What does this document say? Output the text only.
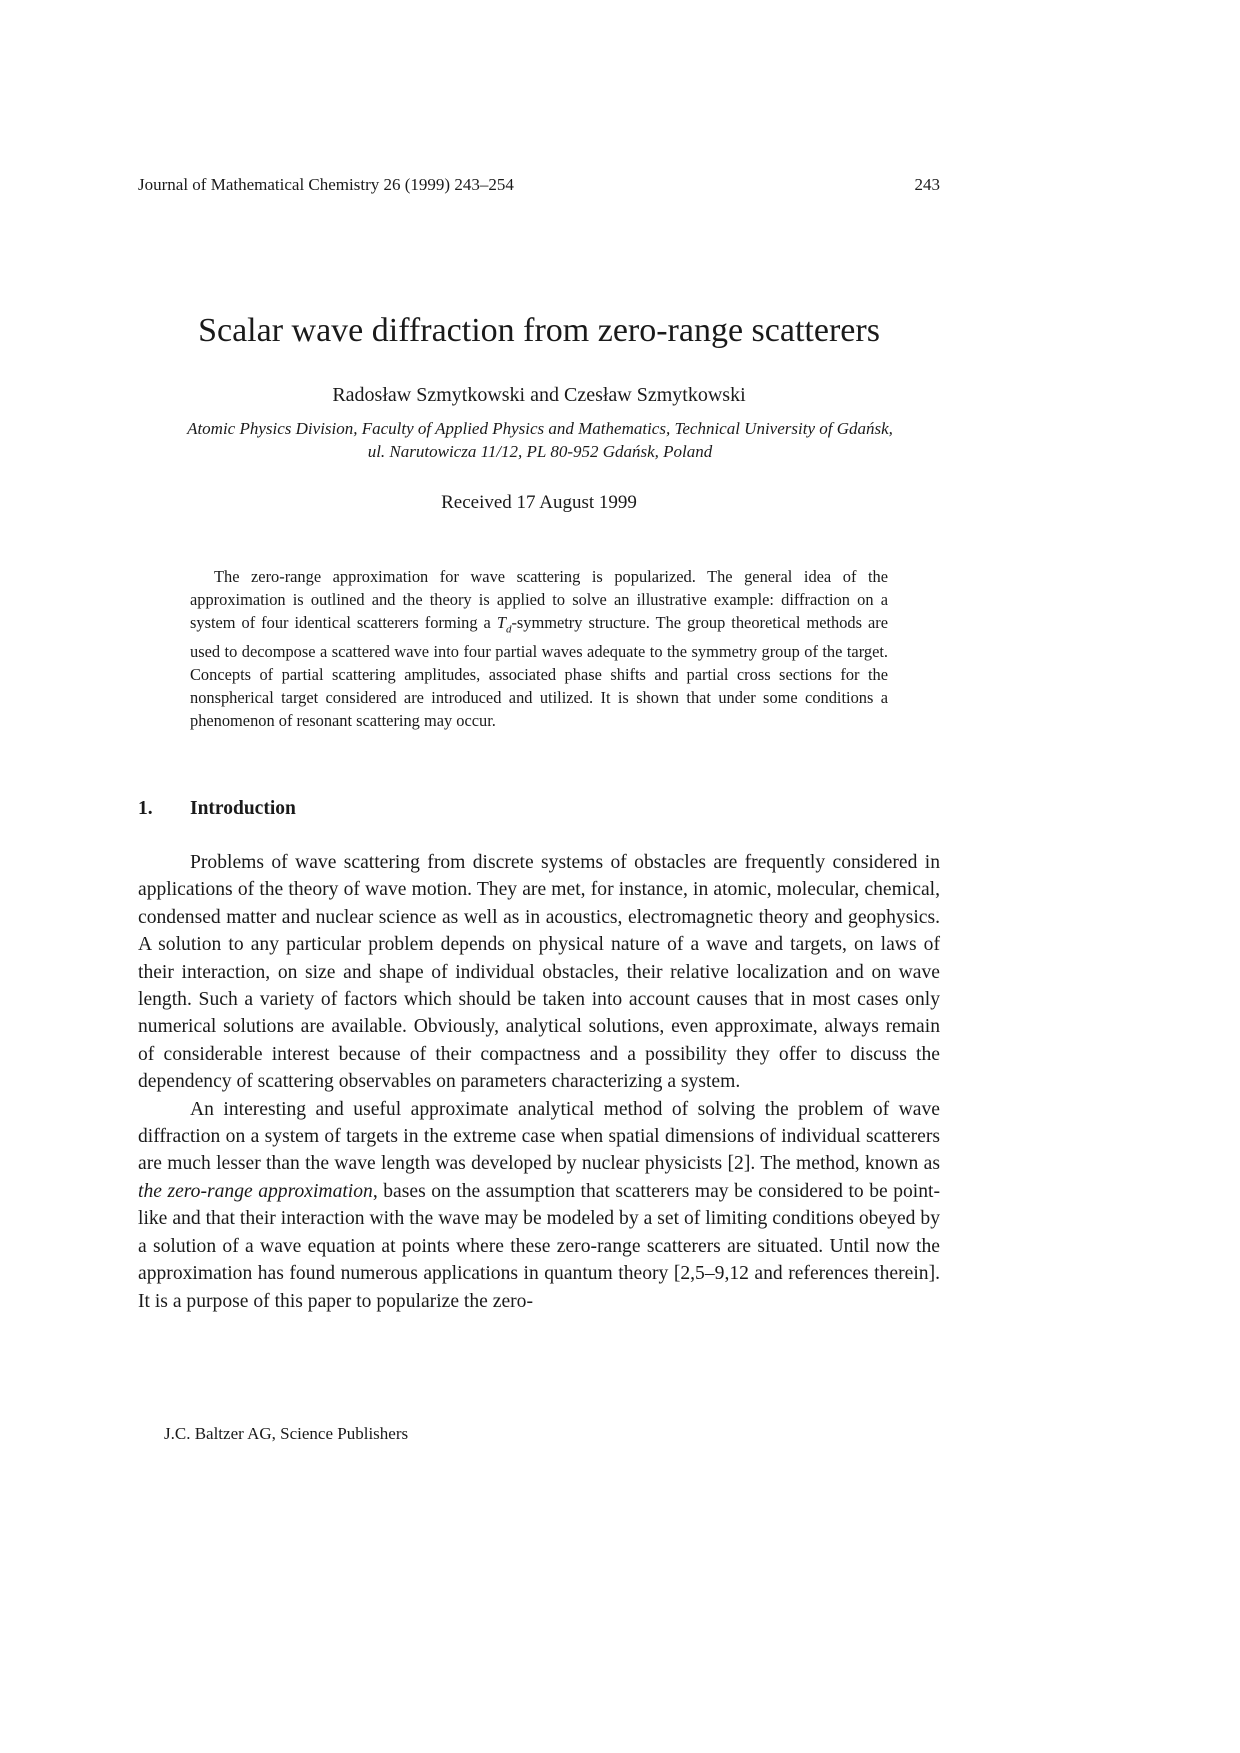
Journal of Mathematical Chemistry 26 (1999) 243–254	243
Scalar wave diffraction from zero-range scatterers
Radosław Szmytkowski and Czesław Szmytkowski
Atomic Physics Division, Faculty of Applied Physics and Mathematics, Technical University of Gdańsk,
ul. Narutowicza 11/12, PL 80-952 Gdańsk, Poland
Received 17 August 1999

The zero-range approximation for wave scattering is popularized. The general idea of the approximation is outlined and the theory is applied to solve an illustrative example: diffraction on a system of four identical scatterers forming a $T_d$-symmetry structure. The group theoretical methods are used to decompose a scattered wave into four partial waves adequate to the symmetry group of the target. Concepts of partial scattering amplitudes, associated phase shifts and partial cross sections for the nonspherical target considered are introduced and utilized. It is shown that under some conditions a phenomenon of resonant scattering may occur.

1. Introduction

Problems of wave scattering from discrete systems of obstacles are frequently considered in applications of the theory of wave motion. They are met, for instance, in atomic, molecular, chemical, condensed matter and nuclear science as well as in acoustics, electromagnetic theory and geophysics. A solution to any particular problem depends on physical nature of a wave and targets, on laws of their interaction, on size and shape of individual obstacles, their relative localization and on wave length. Such a variety of factors which should be taken into account causes that in most cases only numerical solutions are available. Obviously, analytical solutions, even approximate, always remain of considerable interest because of their compactness and a possibility they offer to discuss the dependency of scattering observables on parameters characterizing a system.

An interesting and useful approximate analytical method of solving the problem of wave diffraction on a system of targets in the extreme case when spatial dimensions of individual scatterers are much lesser than the wave length was developed by nuclear physicists [2]. The method, known as the zero-range approximation, bases on the assumption that scatterers may be considered to be point-like and that their interaction with the wave may be modeled by a set of limiting conditions obeyed by a solution of a wave equation at points where these zero-range scatterers are situated. Until now the approximation has found numerous applications in quantum theory [2,5–9,12 and references therein]. It is a purpose of this paper to popularize the zero-

J.C. Baltzer AG, Science Publishers
